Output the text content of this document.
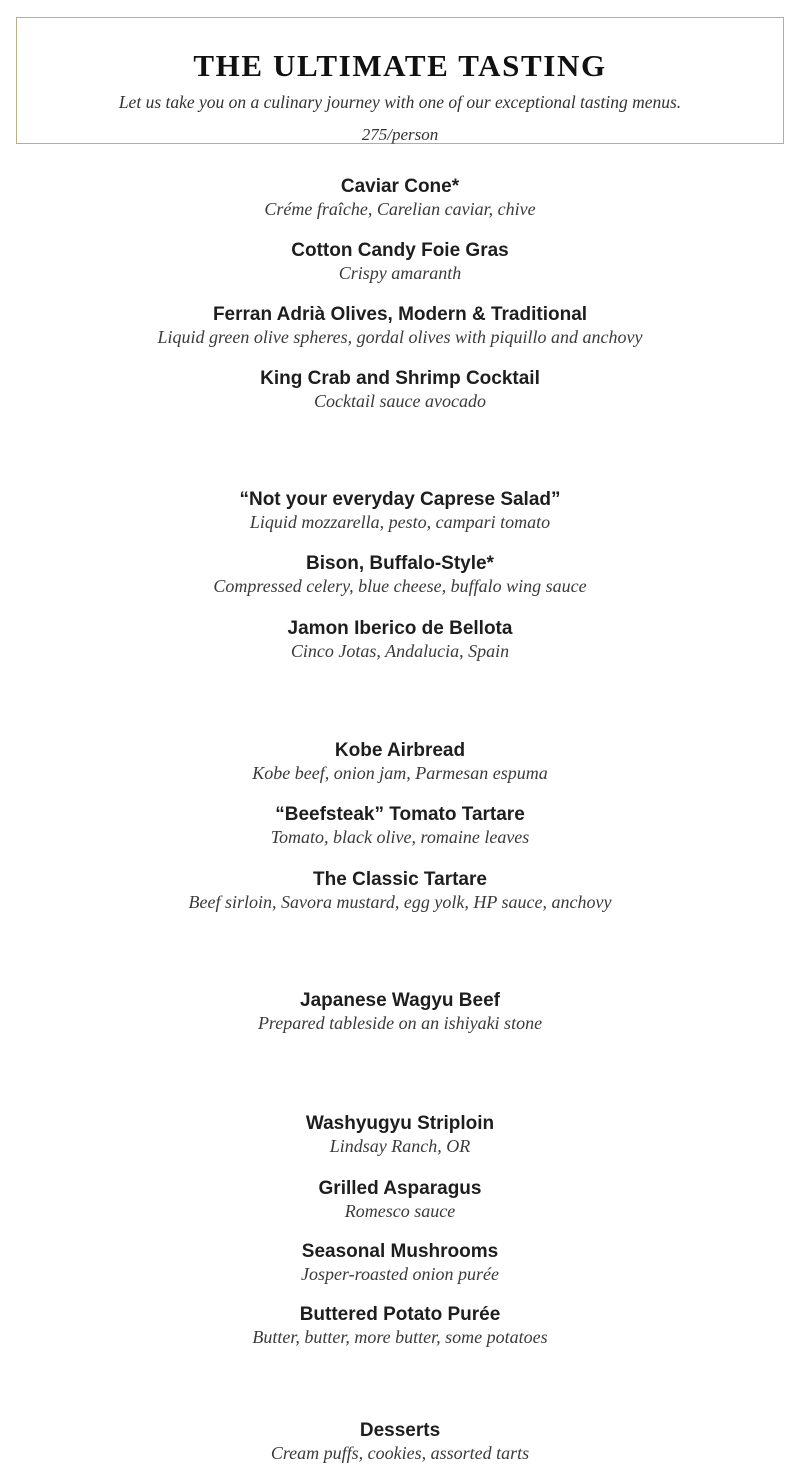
THE ULTIMATE TASTING
Let us take you on a culinary journey with one of our exceptional tasting menus.
275/person
Caviar Cone*
Créme fraîche, Carelian caviar, chive
Cotton Candy Foie Gras
Crispy amaranth
Ferran Adrià Olives, Modern & Traditional
Liquid green olive spheres, gordal olives with piquillo and anchovy
King Crab and Shrimp Cocktail
Cocktail sauce avocado
“Not your everyday Caprese Salad”
Liquid mozzarella, pesto, campari tomato
Bison, Buffalo-Style*
Compressed celery, blue cheese, buffalo wing sauce
Jamon Iberico de Bellota
Cinco Jotas, Andalucia, Spain
Kobe Airbread
Kobe beef, onion jam, Parmesan espuma
“Beefsteak” Tomato Tartare
Tomato, black olive, romaine leaves
The Classic Tartare
Beef sirloin, Savora mustard, egg yolk, HP sauce, anchovy
Japanese Wagyu Beef
Prepared tableside on an ishiyaki stone
Washyugyu Striploin
Lindsay Ranch, OR
Grilled Asparagus
Romesco sauce
Seasonal Mushrooms
Josper-roasted onion purée
Buttered Potato Purée
Butter, butter, more butter, some potatoes
Desserts
Cream puffs, cookies, assorted tarts
